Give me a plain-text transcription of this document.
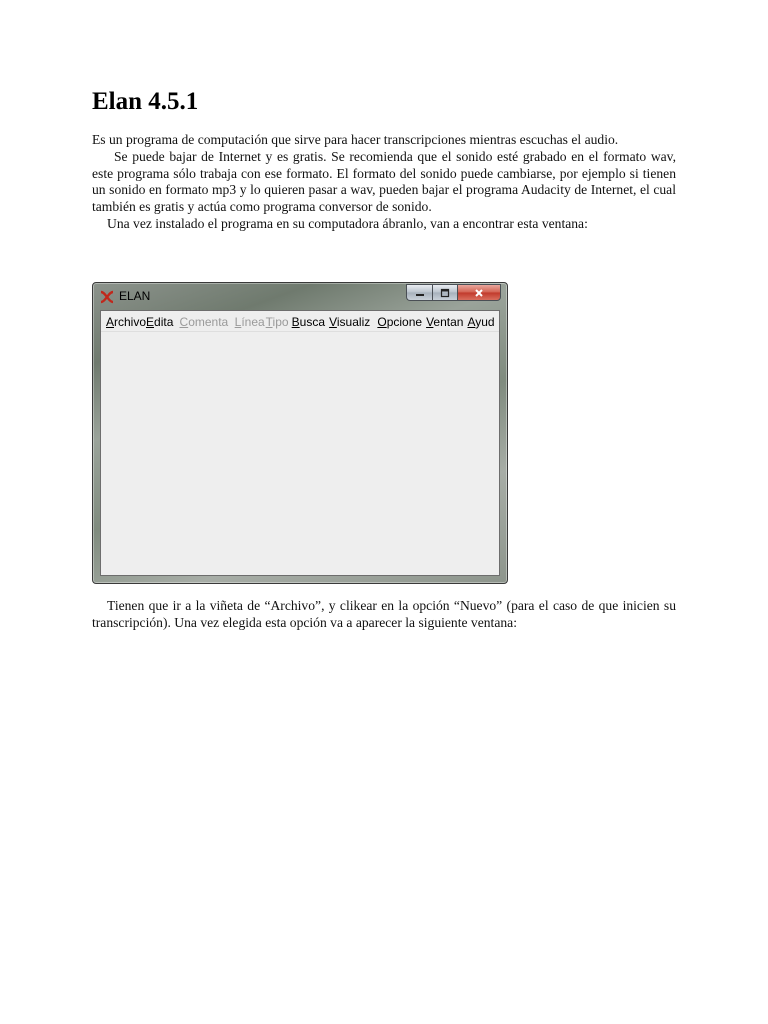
Elan 4.5.1

Es un programa de computación que sirve para hacer transcripciones mientras escuchas el audio.

Se puede bajar de Internet y es gratis. Se recomienda que el sonido esté grabado en el formato wav, este programa sólo trabaja con ese formato. El formato del sonido puede cambiarse, por ejemplo si tienen un sonido en formato mp3 y lo quieren pasar a wav, pueden bajar el programa Audacity de Internet, el cual también es gratis y actúa como programa conversor de sonido.

Una vez instalado el programa en su computadora ábranlo, van a encontrar esta ventana:

ELAN
Archivo Edita Comenta Línea Tipo Busca Visualiz Opcione Ventan Ayud

Tienen que ir a la viñeta de “Archivo”, y clikear en la opción “Nuevo” (para el caso de que inicien su transcripción). Una vez elegida esta opción va a aparecer la siguiente ventana:
